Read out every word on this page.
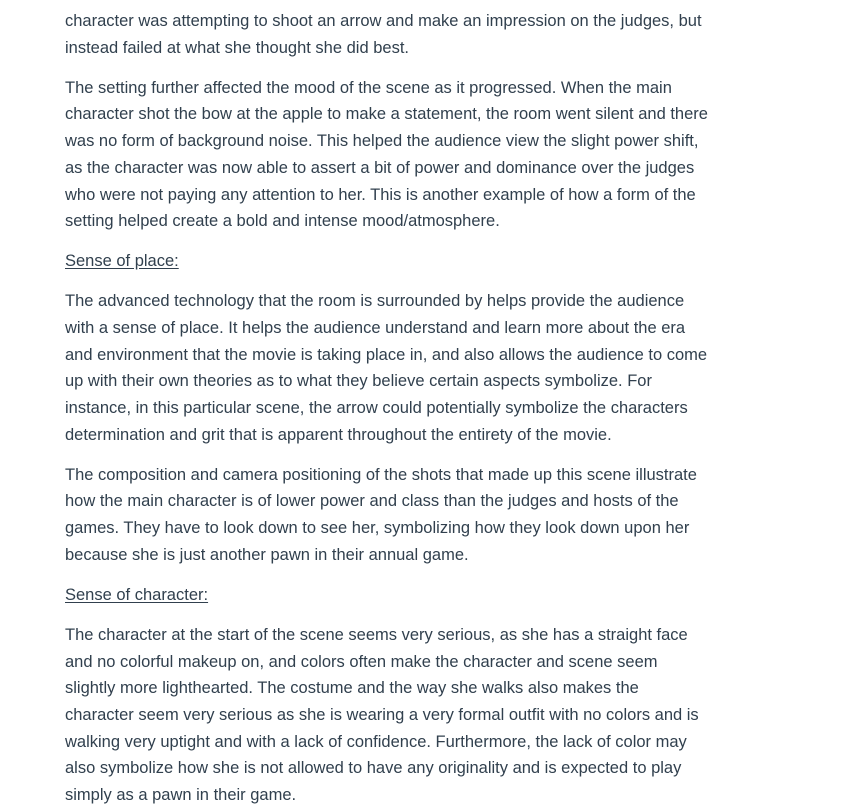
character was attempting to shoot an arrow and make an impression on the judges, but
instead failed at what she thought she did best.
The setting further affected the mood of the scene as it progressed. When the main
character shot the bow at the apple to make a statement, the room went silent and there
was no form of background noise. This helped the audience view the slight power shift,
as the character was now able to assert a bit of power and dominance over the judges
who were not paying any attention to her. This is another example of how a form of the
setting helped create a bold and intense mood/atmosphere.
Sense of place:
The advanced technology that the room is surrounded by helps provide the audience
with a sense of place. It helps the audience understand and learn more about the era
and environment that the movie is taking place in, and also allows the audience to come
up with their own theories as to what they believe certain aspects symbolize. For
instance, in this particular scene, the arrow could potentially symbolize the characters
determination and grit that is apparent throughout the entirety of the movie.
The composition and camera positioning of the shots that made up this scene illustrate
how the main character is of lower power and class than the judges and hosts of the
games. They have to look down to see her, symbolizing how they look down upon her
because she is just another pawn in their annual game.
Sense of character:
The character at the start of the scene seems very serious, as she has a straight face
and no colorful makeup on, and colors often make the character and scene seem
slightly more lighthearted. The costume and the way she walks also makes the
character seem very serious as she is wearing a very formal outfit with no colors and is
walking very uptight and with a lack of confidence. Furthermore, the lack of color may
also symbolize how she is not allowed to have any originality and is expected to play
simply as a pawn in their game.
